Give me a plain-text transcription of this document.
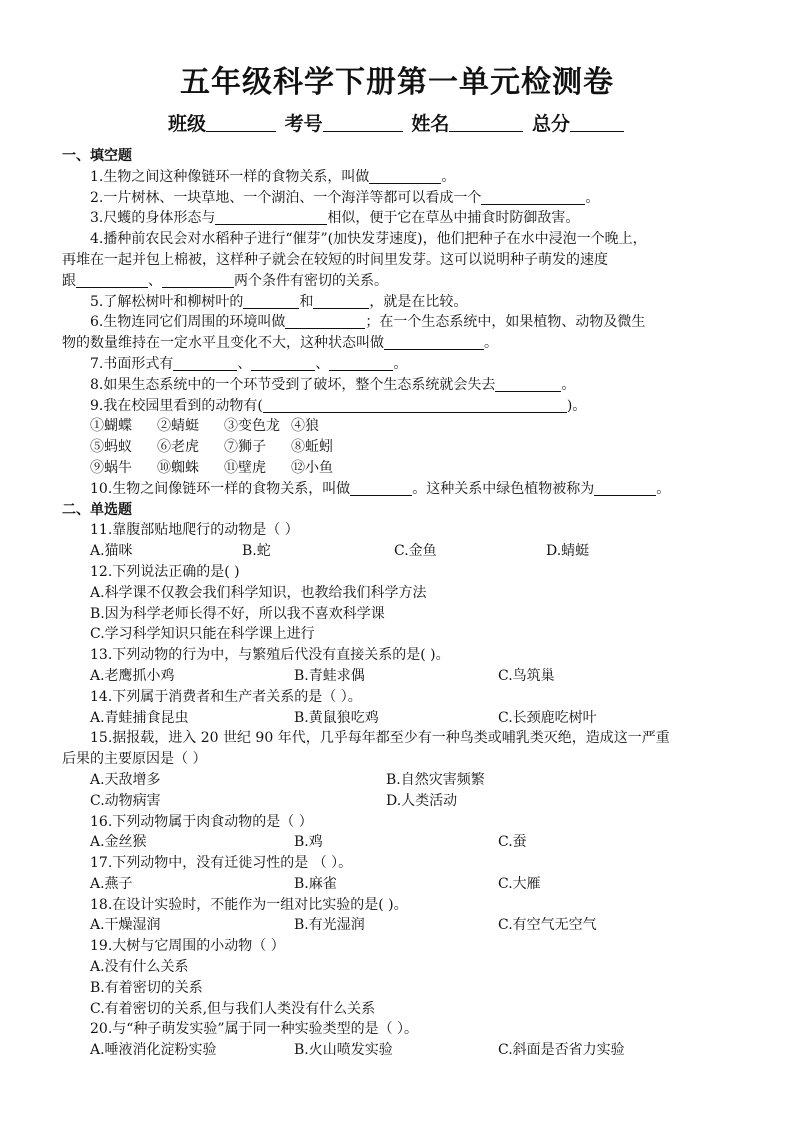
五年级科学下册第一单元检测卷
班级	考号	姓名	总分
一、填空题
1.生物之间这种像链环一样的食物关系，叫做	。
2.一片树林、一块草地、一个湖泊、一个海洋等都可以看成一个	。
3.尺蠖的身体形态与	相似，便于它在草丛中捕食时防御敌害。
4.播种前农民会对水稻种子进行“催芽”(加快发芽速度)，他们把种子在水中浸泡一个晚上，
再堆在一起并包上棉被，这样种子就会在较短的时间里发芽。这可以说明种子萌发的速度
跟	、	两个条件有密切的关系。
5.了解松树叶和柳树叶的	和	，就是在比较。
6.生物连同它们周围的环境叫做	；在一个生态系统中，如果植物、动物及微生
物的数量维持在一定水平且变化不大，这种状态叫做	。
7.书面形式有	、	、	。
8.如果生态系统中的一个环节受到了破坏，整个生态系统就会失去	。
9.我在校园里看到的动物有(	)。
①蝴蝶	②蜻蜓	③变色龙 ④狼
⑤蚂蚁	⑥老虎	⑦狮子	⑧蚯蚓
⑨蜗牛	⑩蜘蛛	⑪壁虎	⑫小鱼
10.生物之间像链环一样的食物关系，叫做	。这种关系中绿色植物被称为	。
二、单选题
11.靠腹部贴地爬行的动物是（ ）
A.猫咪	B.蛇	C.金鱼	D.蜻蜓
12.下列说法正确的是( )
A.科学课不仅教会我们科学知识，也教给我们科学方法
B.因为科学老师长得不好，所以我不喜欢科学课
C.学习科学知识只能在科学课上进行
13.下列动物的行为中，与繁殖后代没有直接关系的是( )。
A.老鹰抓小鸡	B.青蛙求偶	C.鸟筑巢
14.下列属于消费者和生产者关系的是（ ）。
A.青蛙捕食昆虫	B.黄鼠狼吃鸡	C.长颈鹿吃树叶
15.据报载，进入 20 世纪 90 年代，几乎每年都至少有一种鸟类或哺乳类灭绝，造成这一严重
后果的主要原因是（ ）
A.天敌增多	B.自然灾害频繁
C.动物病害	D.人类活动
16.下列动物属于肉食动物的是（ ）
A.金丝猴	B.鸡	C.蚕
17.下列动物中，没有迁徙习性的是 （ ）。
A.燕子	B.麻雀	C.大雁
18.在设计实验时，不能作为一组对比实验的是( )。
A.干燥湿润	B.有光湿润	C.有空气无空气
19.大树与它周围的小动物（ ）
A.没有什么关系
B.有着密切的关系
C.有着密切的关系,但与我们人类没有什么关系
20.与“种子萌发实验”属于同一种实验类型的是（ ）。
A.唾液消化淀粉实验	B.火山喷发实验	C.斜面是否省力实验
